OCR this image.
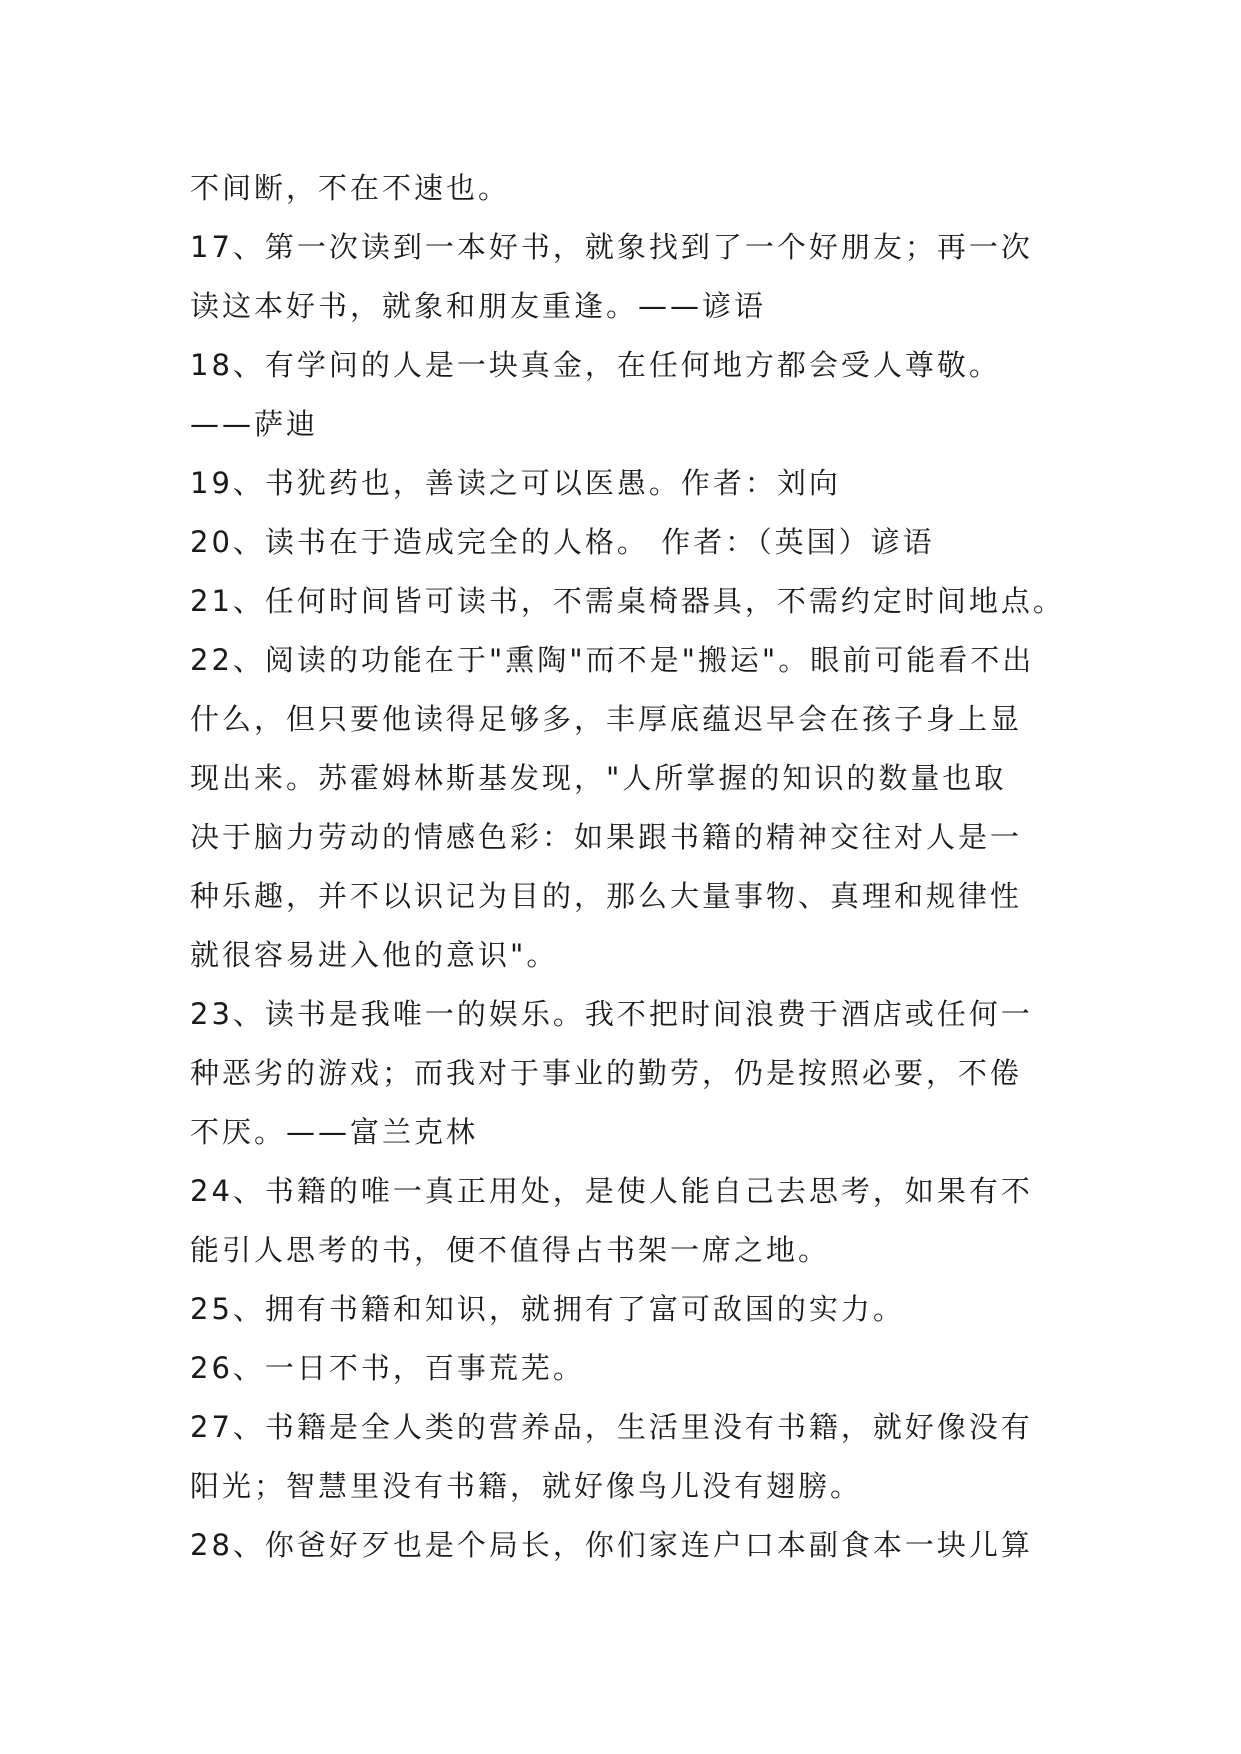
不间断，不在不速也。
17、第一次读到一本好书，就象找到了一个好朋友；再一次
读这本好书，就象和朋友重逢。——谚语
18、有学问的人是一块真金，在任何地方都会受人尊敬。
——萨迪
19、书犹药也，善读之可以医愚。作者：刘向
20、读书在于造成完全的人格。 作者：（英国）谚语
21、任何时间皆可读书，不需桌椅器具，不需约定时间地点。
22、阅读的功能在于"熏陶"而不是"搬运"。眼前可能看不出
什么，但只要他读得足够多，丰厚底蕴迟早会在孩子身上显
现出来。苏霍姆林斯基发现，"人所掌握的知识的数量也取
决于脑力劳动的情感色彩：如果跟书籍的精神交往对人是一
种乐趣，并不以识记为目的，那么大量事物、真理和规律性
就很容易进入他的意识"。
23、读书是我唯一的娱乐。我不把时间浪费于酒店或任何一
种恶劣的游戏；而我对于事业的勤劳，仍是按照必要，不倦
不厌。——富兰克林
24、书籍的唯一真正用处，是使人能自己去思考，如果有不
能引人思考的书，便不值得占书架一席之地。
25、拥有书籍和知识，就拥有了富可敌国的实力。
26、一日不书，百事荒芜。
27、书籍是全人类的营养品，生活里没有书籍，就好像没有
阳光；智慧里没有书籍，就好像鸟儿没有翅膀。
28、你爸好歹也是个局长，你们家连户口本副食本一块儿算
